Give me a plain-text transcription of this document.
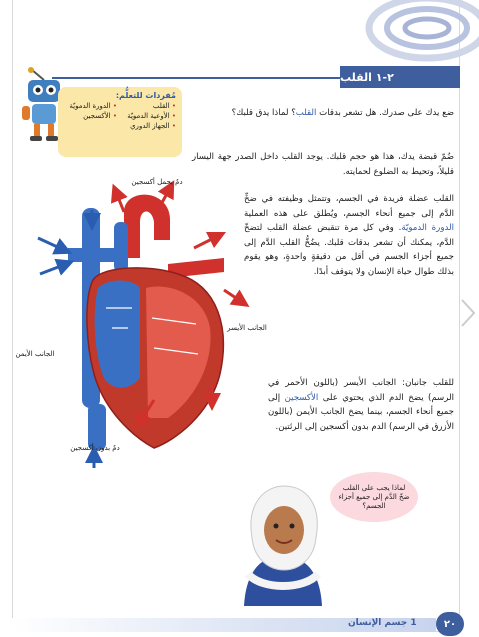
٢-١ القلب
مُفردات للتعلُّم:
• القلب
• الدورة الدمويّة
• الأوعية الدمويّة
• الأكسجين
• الجهاز الدوري

ضع يدك على صدرك. هل تشعر بدقات القلب؟ لماذا يدق قلبك؟

ضُمّ قبضة يدك، هذا هو حجم قلبك. يوجد القلب داخل الصدر جهة اليسار قليلاً، وتحيط به الضلوع لحمايته.

القلب عضلة فريدة في الجسم، وتتمثل وظيفته في ضخِّ الدَّم إلى جميع أنحاء الجسم، ويُطلق على هذه العملية الدورة الدمويّة. وفي كل مرة تنقبض عضلة القلب لتضخّ الدَّم، يمكنك أن تشعر بدقات قلبك. يضُخُّ القلب الدَّم إلى جميع أجزاء الجسم في أقل من دقيقةٍ واحدةٍ، وهو يقوم بذلك طوال حياة الإنسان ولا يتوقف أبدًا.

للقلب جانبان: الجانب الأيسر (باللون الأحمر في الرسم) يضخ الدم الذي يحتوي على الأكسجين إلى جميع أنحاء الجسم، بينما يضخ الجانب الأيمن (باللون الأزرق في الرسم) الدم بدون أكسجين إلى الرئتين.

دمٌ يحمل أكسجين
الجانب الأيسر
الجانب الأيمن
دمٌ بدون أكسجين
لماذا يجب على القلب ضخّ الدَّم إلى جميع أجزاء الجسم؟
1 جسم الإنسان	٢٠
